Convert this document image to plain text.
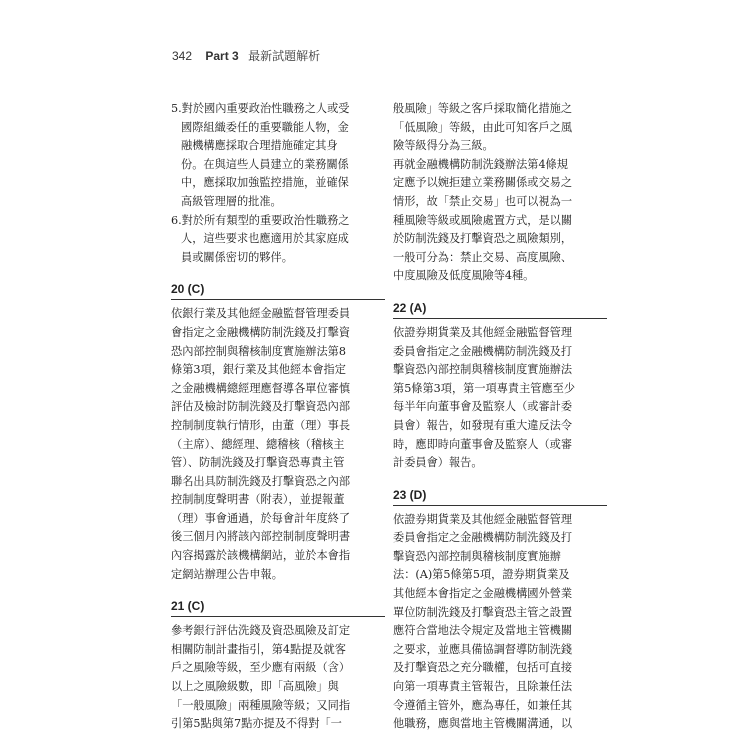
342 Part 3 最新試題解析
5.對於國內重要政治性職務之人或受
國際組織委任的重要職能人物，金
融機構應採取合理措施確定其身
份。在與這些人員建立的業務關係
中，應採取加強監控措施，並確保
高級管理層的批准。
6.對於所有類型的重要政治性職務之
人，這些要求也應適用於其家庭成
員或關係密切的夥伴。
20 (C)
依銀行業及其他經金融監督管理委員
會指定之金融機構防制洗錢及打擊資
恐內部控制與稽核制度實施辦法第8
條第3項，銀行業及其他經本會指定
之金融機構總經理應督導各單位審慎
評估及檢討防制洗錢及打擊資恐內部
控制制度執行情形，由董（理）事長
（主席）、總經理、總稽核（稽核主
管）、防制洗錢及打擊資恐專責主管
聯名出具防制洗錢及打擊資恐之內部
控制制度聲明書（附表），並提報董
（理）事會通過，於每會計年度終了
後三個月內將該內部控制制度聲明書
內容揭露於該機構網站，並於本會指
定網站辦理公告申報。
21 (C)
參考銀行評估洗錢及資恐風險及訂定
相關防制計畫指引，第4點提及就客
戶之風險等級，至少應有兩級（含）
以上之風險級數，即「高風險」與
「一般風險」兩種風險等級；又同指
引第5點與第7點亦提及不得對「一
般風險」等級之客戶採取簡化措施之
「低風險」等級，由此可知客戶之風
險等級得分為三級。
再就金融機構防制洗錢辦法第4條規
定應予以婉拒建立業務關係或交易之
情形，故「禁止交易」也可以視為一
種風險等級或風險處置方式，是以關
於防制洗錢及打擊資恐之風險類別，
一般可分為：禁止交易、高度風險、
中度風險及低度風險等4種。
22 (A)
依證券期貨業及其他經金融監督管理
委員會指定之金融機構防制洗錢及打
擊資恐內部控制與稽核制度實施辦法
第5條第3項，第一項專責主管應至少
每半年向董事會及監察人（或審計委
員會）報告，如發現有重大違反法令
時，應即時向董事會及監察人（或審
計委員會）報告。
23 (D)
依證券期貨業及其他經金融監督管理
委員會指定之金融機構防制洗錢及打
擊資恐內部控制與稽核制度實施辦
法：(A)第5條第5項，證券期貨業及
其他經本會指定之金融機構國外營業
單位防制洗錢及打擊資恐主管之設置
應符合當地法令規定及當地主管機關
之要求，並應具備協調督導防制洗錢
及打擊資恐之充分職權，包括可直接
向第一項專責主管報告，且除兼任法
令遵循主管外，應為專任，如兼任其
他職務，應與當地主管機關溝通，以
